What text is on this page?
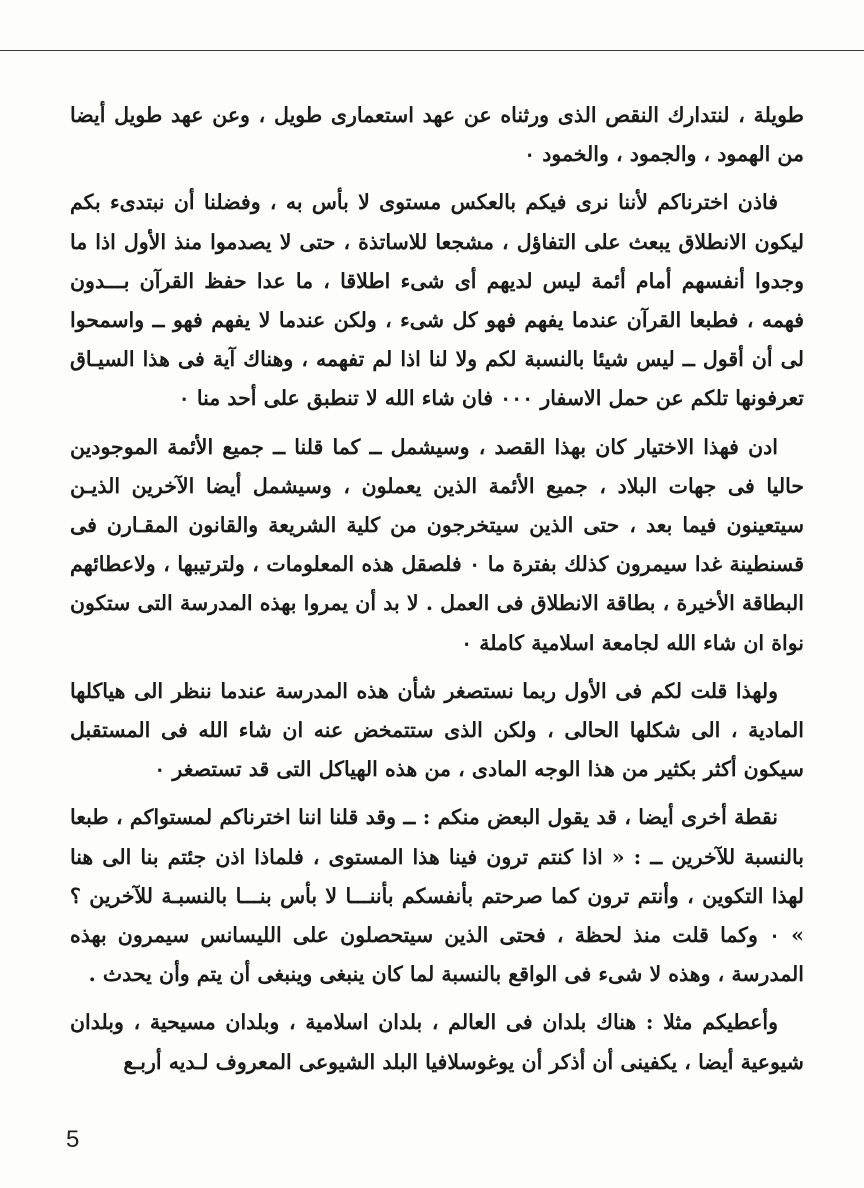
طويلة ، لنتدارك النقص الذى ورثناه عن عهد استعمارى طويل ، وعن عهد طويل أيضا من الهمود ، والجمود ، والخمود ٠

فاذن اخترناكم لأننا نرى فيكم بالعكس مستوى لا بأس به ، وفضلنا أن نبتدىء بكم ليكون الانطلاق يبعث على التفاؤل ، مشجعا للاساتذة ، حتى لا يصدموا منذ الأول اذا ما وجدوا أنفسهم أمام أئمة ليس لديهم أى شىء اطلاقا ، ما عدا حفظ القرآن بـــدون فهمه ، فطبعا القرآن عندما يفهم فهو كل شىء ، ولكن عندما لا يفهم فهو ــ واسمحوا لى أن أقول ــ ليس شيئا بالنسبة لكم ولا لنا اذا لم تفهمه ، وهناك آية فى هذا السيـاق تعرفونها تلكم عن حمل الاسفار ٠٠٠ فان شاء الله لا تنطبق على أحد منا ٠

ادن فهذا الاختيار كان بهذا القصد ، وسيشمل ــ كما قلنا ــ جميع الأئمة الموجودين حاليا فى جهات البلاد ، جميع الأئمة الذين يعملون ، وسيشمل أيضا الآخرين الذيـن سيتعينون فيما بعد ، حتى الذين سيتخرجون من كلية الشريعة والقانون المقـارن فى قسنطينة غدا سيمرون كذلك بفترة ما ٠ فلصقل هذه المعلومات ، ولترتيبها ، ولاعطائهم البطاقة الأخيرة ، بطاقة الانطلاق فى العمل . لا بد أن يمروا بهذه المدرسة التى ستكون نواة ان شاء الله لجامعة اسلامية كاملة ٠

ولهذا قلت لكم فى الأول ربما نستصغر شأن هذه المدرسة عندما ننظر الى هياكلها المادية ، الى شكلها الحالى ، ولكن الذى ستتمخض عنه ان شاء الله فى المستقبل سيكون أكثر بكثير من هذا الوجه المادى ، من هذه الهياكل التى قد تستصغر ٠

نقطة أخرى أيضا ، قد يقول البعض منكم : ــ وقد قلنا اننا اخترناكم لمستواكم ، طبعا بالنسبة للآخرين ــ : « اذا كنتم ترون فينا هذا المستوى ، فلماذا اذن جئتم بنا الى هنا لهذا التكوين ، وأنتم ترون كما صرحتم بأنفسكم بأننـــا لا بأس بنـــا بالنسبـة للآخرين ؟ » ٠ وكما قلت منذ لحظة ، فحتى الذين سيتحصلون على الليسانس سيمرون بهذه المدرسة ، وهذه لا شىء فى الواقع بالنسبة لما كان ينبغى وينبغى أن يتم وأن يحدث .

وأعطيكم مثلا : هناك بلدان فى العالم ، بلدان اسلامية ، وبلدان مسيحية ، وبلدان شيوعية أيضا ، يكفينى أن أذكر أن يوغوسلافيا البلد الشيوعى المعروف لـديه أربـع

5
